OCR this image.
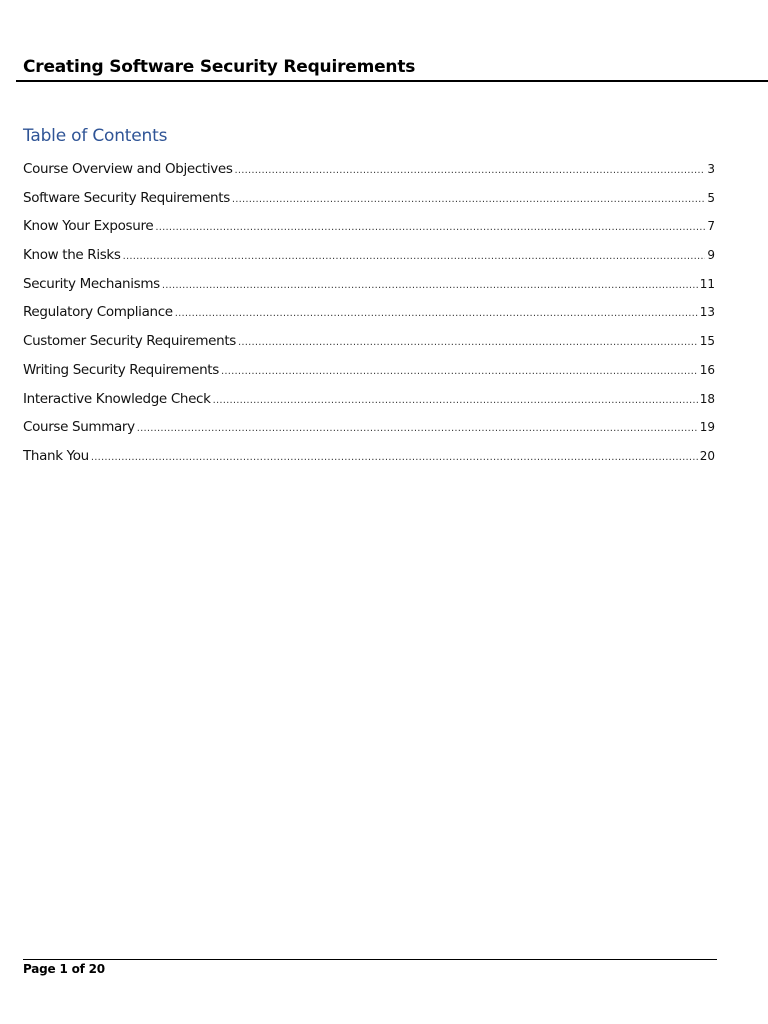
Creating Software Security Requirements
Table of Contents
Course Overview and Objectives .....	3
Software Security Requirements .....	5
Know Your Exposure .....	7
Know the Risks .....	9
Security Mechanisms .....	11
Regulatory Compliance .....	13
Customer Security Requirements .....	15
Writing Security Requirements .....	16
Interactive Knowledge Check .....	18
Course Summary .....	19
Thank You .....	20
Page 1 of 20
